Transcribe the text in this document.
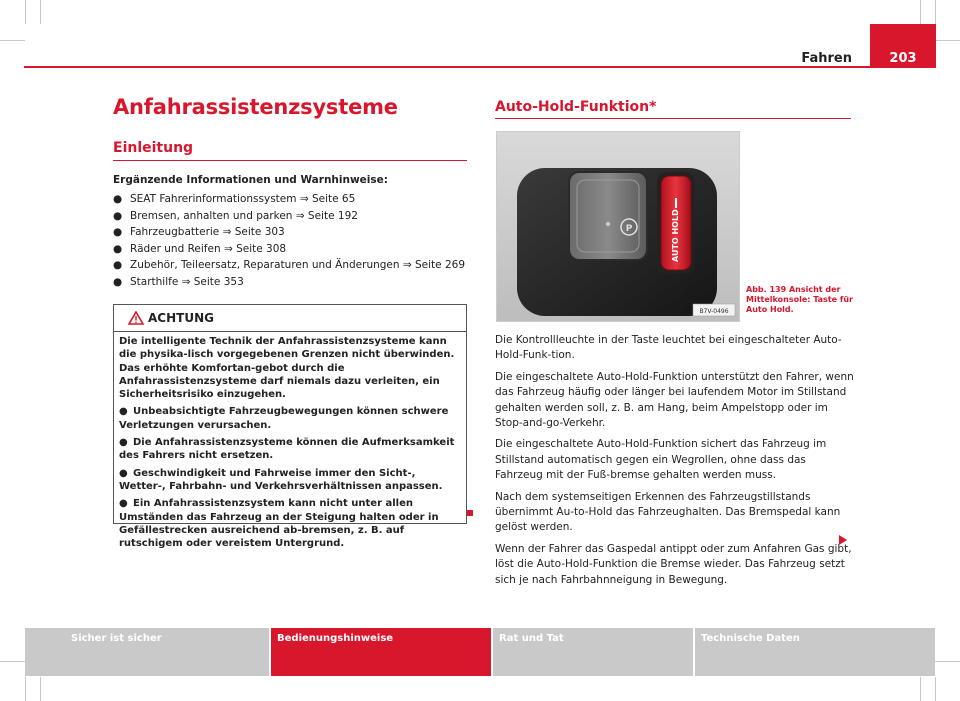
Fahren	203
Anfahrassistenzsysteme
Einleitung
Ergänzende Informationen und Warnhinweise:
● SEAT Fahrerinformationssystem ⇒ Seite 65
● Bremsen, anhalten und parken ⇒ Seite 192
● Fahrzeugbatterie ⇒ Seite 303
● Räder und Reifen ⇒ Seite 308
● Zubehör, Teileersatz, Reparaturen und Änderungen ⇒ Seite 269
● Starthilfe ⇒ Seite 353
ACHTUNG

Die intelligente Technik der Anfahrassistenzsysteme kann die physika-lisch vorgegebenen Grenzen nicht überwinden. Das erhöhte Komfortan-gebot durch die Anfahrassistenzsysteme darf niemals dazu verleiten, ein Sicherheitsrisiko einzugehen.

● Unbeabsichtigte Fahrzeugbewegungen können schwere Verletzungen verursachen.

● Die Anfahrassistenzsysteme können die Aufmerksamkeit des Fahrers nicht ersetzen.

● Geschwindigkeit und Fahrweise immer den Sicht-, Wetter-, Fahrbahn- und Verkehrsverhältnissen anpassen.

● Ein Anfahrassistenzsystem kann nicht unter allen Umständen das Fahrzeug an der Steigung halten oder in Gefällestrecken ausreichend ab-bremsen, z. B. auf rutschigem oder vereistem Untergrund.

Auto-Hold-Funktion*
P	AUTO HOLD
B7V-0496
Abb. 139 Ansicht der Mittelkonsole: Taste für Auto Hold.

Die Kontrollleuchte in der Taste leuchtet bei eingeschalteter Auto-Hold-Funk-tion.

Die eingeschaltete Auto-Hold-Funktion unterstützt den Fahrer, wenn das Fahrzeug häufig oder länger bei laufendem Motor im Stillstand gehalten werden soll, z. B. am Hang, beim Ampelstopp oder im Stop-and-go-Verkehr.

Die eingeschaltete Auto-Hold-Funktion sichert das Fahrzeug im Stillstand automatisch gegen ein Wegrollen, ohne dass das Fahrzeug mit der Fuß-bremse gehalten werden muss.

Nach dem systemseitigen Erkennen des Fahrzeugstillstands übernimmt Au-to-Hold das Fahrzeughalten. Das Bremspedal kann gelöst werden.

Wenn der Fahrer das Gaspedal antippt oder zum Anfahren Gas gibt, löst die Auto-Hold-Funktion die Bremse wieder. Das Fahrzeug setzt sich je nach Fahrbahnneigung in Bewegung.

Sicher ist sicher	Bedienungshinweise	Rat und Tat	Technische Daten
